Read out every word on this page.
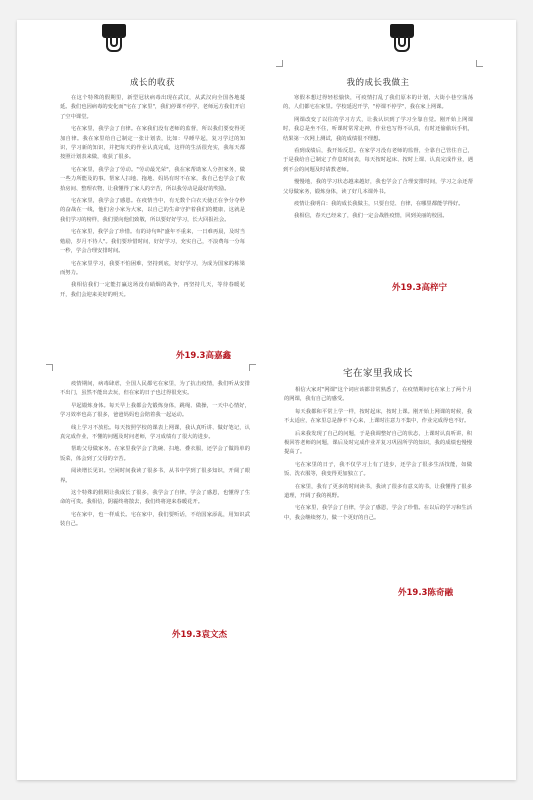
成长的收获

在这个特殊的假期里，新型冠状病毒出现在武汉，从武汉向全国各地蔓延。我们也因病毒的变化而"宅在了家里"，我们停课不停学，老师远方我们开启了空中课堂。

宅在家里，我学会了自律。在家我们没有老师的监督，所以我们要变得更加自律。我在家里给自己制定一张计划表，比如：早睡早起，复习学过的知识，学习新的知识，并把每天的作业认真完成，这样的生活很充实，我每天都按照计划表来做，收获了很多。

宅在家里，我学会了劳动。"劳动最光荣"，我在家帮助家人分担家务，做一些力所能及的事。帮家人扫地、拖地、妈妈有时不在家，我自己也学会了收拾房间、整理衣物，让我懂得了家人的辛苦，所以我劳动是最好的奖励。

宅在家里，我学会了感恩。在疫情当中，有无数个白衣天使正在争分夺秒的奋战在一线，他们舍小家为大家，以自己的生命守护着我们的健康，这就是我们学习的榜样，我们要向他们致敬，所以要好好学习，长大回报社会。

宅在家里，我学会了珍惜。有的诗句叫"盛年不重来，一日难再晨，及时当勉励，岁月不待人"。我们要珍惜时间，好好学习，充实自己，不浪费每一分每一秒，学会合理安排时间。

宅在家里学习，我要不怕困难，坚持到底，好好学习，为成为国家的栋梁而努力。

我相信我们一定能打赢这场没有硝烟的战争，再坚持几天，等待春暖花开，我们会迎来美好的明天。

外19.3高嘉鑫
我的成长我做主

寒假本想过得轻松愉快，可疫情打乱了我们原本的计划，大街小巷空荡荡的，人们都宅在家里。学校延迟开学，"停课不停学"，我在家上网课。

网课改变了以往的学习方式，让我认识到了学习全靠自觉。刚开始上网课时，我总是坐不住，听课时常常走神，作业也写得不认真，有时还偷偷玩手机，结果第一次网上测试，我的成绩很不理想。

看到成绩后，我开始反思。在家学习没有老师的监督，全靠自己管住自己，于是我给自己制定了作息时间表，每天按时起床、按时上课、认真完成作业，遇到不会的问题及时请教老师。

慢慢地，我的学习状态越来越好，我也学会了合理安排时间，学习之余还帮父母做家务，锻炼身体，读了好几本课外书。

疫情让我明白：我的成长我做主，只要自觉、自律，在哪里都能学得好。

我相信，春天已经来了，我们一定会战胜疫情，回到美丽的校园。

外19.3高梓宁

疫情期间，病毒肆虐，全国人民都宅在家里，为了抗击疫情，我们听从安排不出门，虽然不能出去玩，但在家的日子也过得很充实。

早起锻炼身体。每天早上我都会先锻炼身体，跳绳、做操，一天中心情好，学习效率也高了很多，爸爸妈妈也会陪着我一起运动。

线上学习不放松。每天按照学校的课表上网课，我认真听讲、做好笔记，认真完成作业，不懂的问题及时问老师，学习成绩有了很大的进步。

帮助父母做家务。在家里我学会了洗碗、扫地、叠衣服，还学会了做简单的饭菜，体会到了父母的辛苦。

阅读增长见识。空闲时间我读了很多书，从书中学到了很多知识，开阔了眼界。

这个特殊的假期让我成长了很多，我学会了自律，学会了感恩，也懂得了生命的可贵。我相信，阴霾终将散去，我们终将迎来春暖花开。

宅在家中，也一样成长。宅在家中，我们要听话，不给国家添乱，用知识武装自己。

外19.3袁文杰
宅在家里我成长

相信大家对"网课"这个词应该都非常熟悉了，在疫情期间宅在家上了两个月的网课，我有自己的感受。

每天我都和平常上学一样，按时起床，按时上课。刚开始上网课的时候，我不太适应，在家里总是静不下心来，上课时注意力不集中，作业完成得也不好。

后来我发现了自己的问题，于是我调整好自己的状态，上课时认真听讲，积极回答老师的问题，课后及时完成作业并复习巩固所学的知识，我的成绩也慢慢提高了。

宅在家里的日子，我不仅学习上有了进步，还学会了很多生活技能，如做饭、洗衣服等，我变得更加独立了。

在家里，我有了更多的时间读书，我读了很多有意义的书，让我懂得了很多道理，开阔了我的视野。

宅在家里，我学会了自律，学会了感恩，学会了珍惜。在以后的学习和生活中，我会继续努力，做一个更好的自己。

外19.3陈奇融
